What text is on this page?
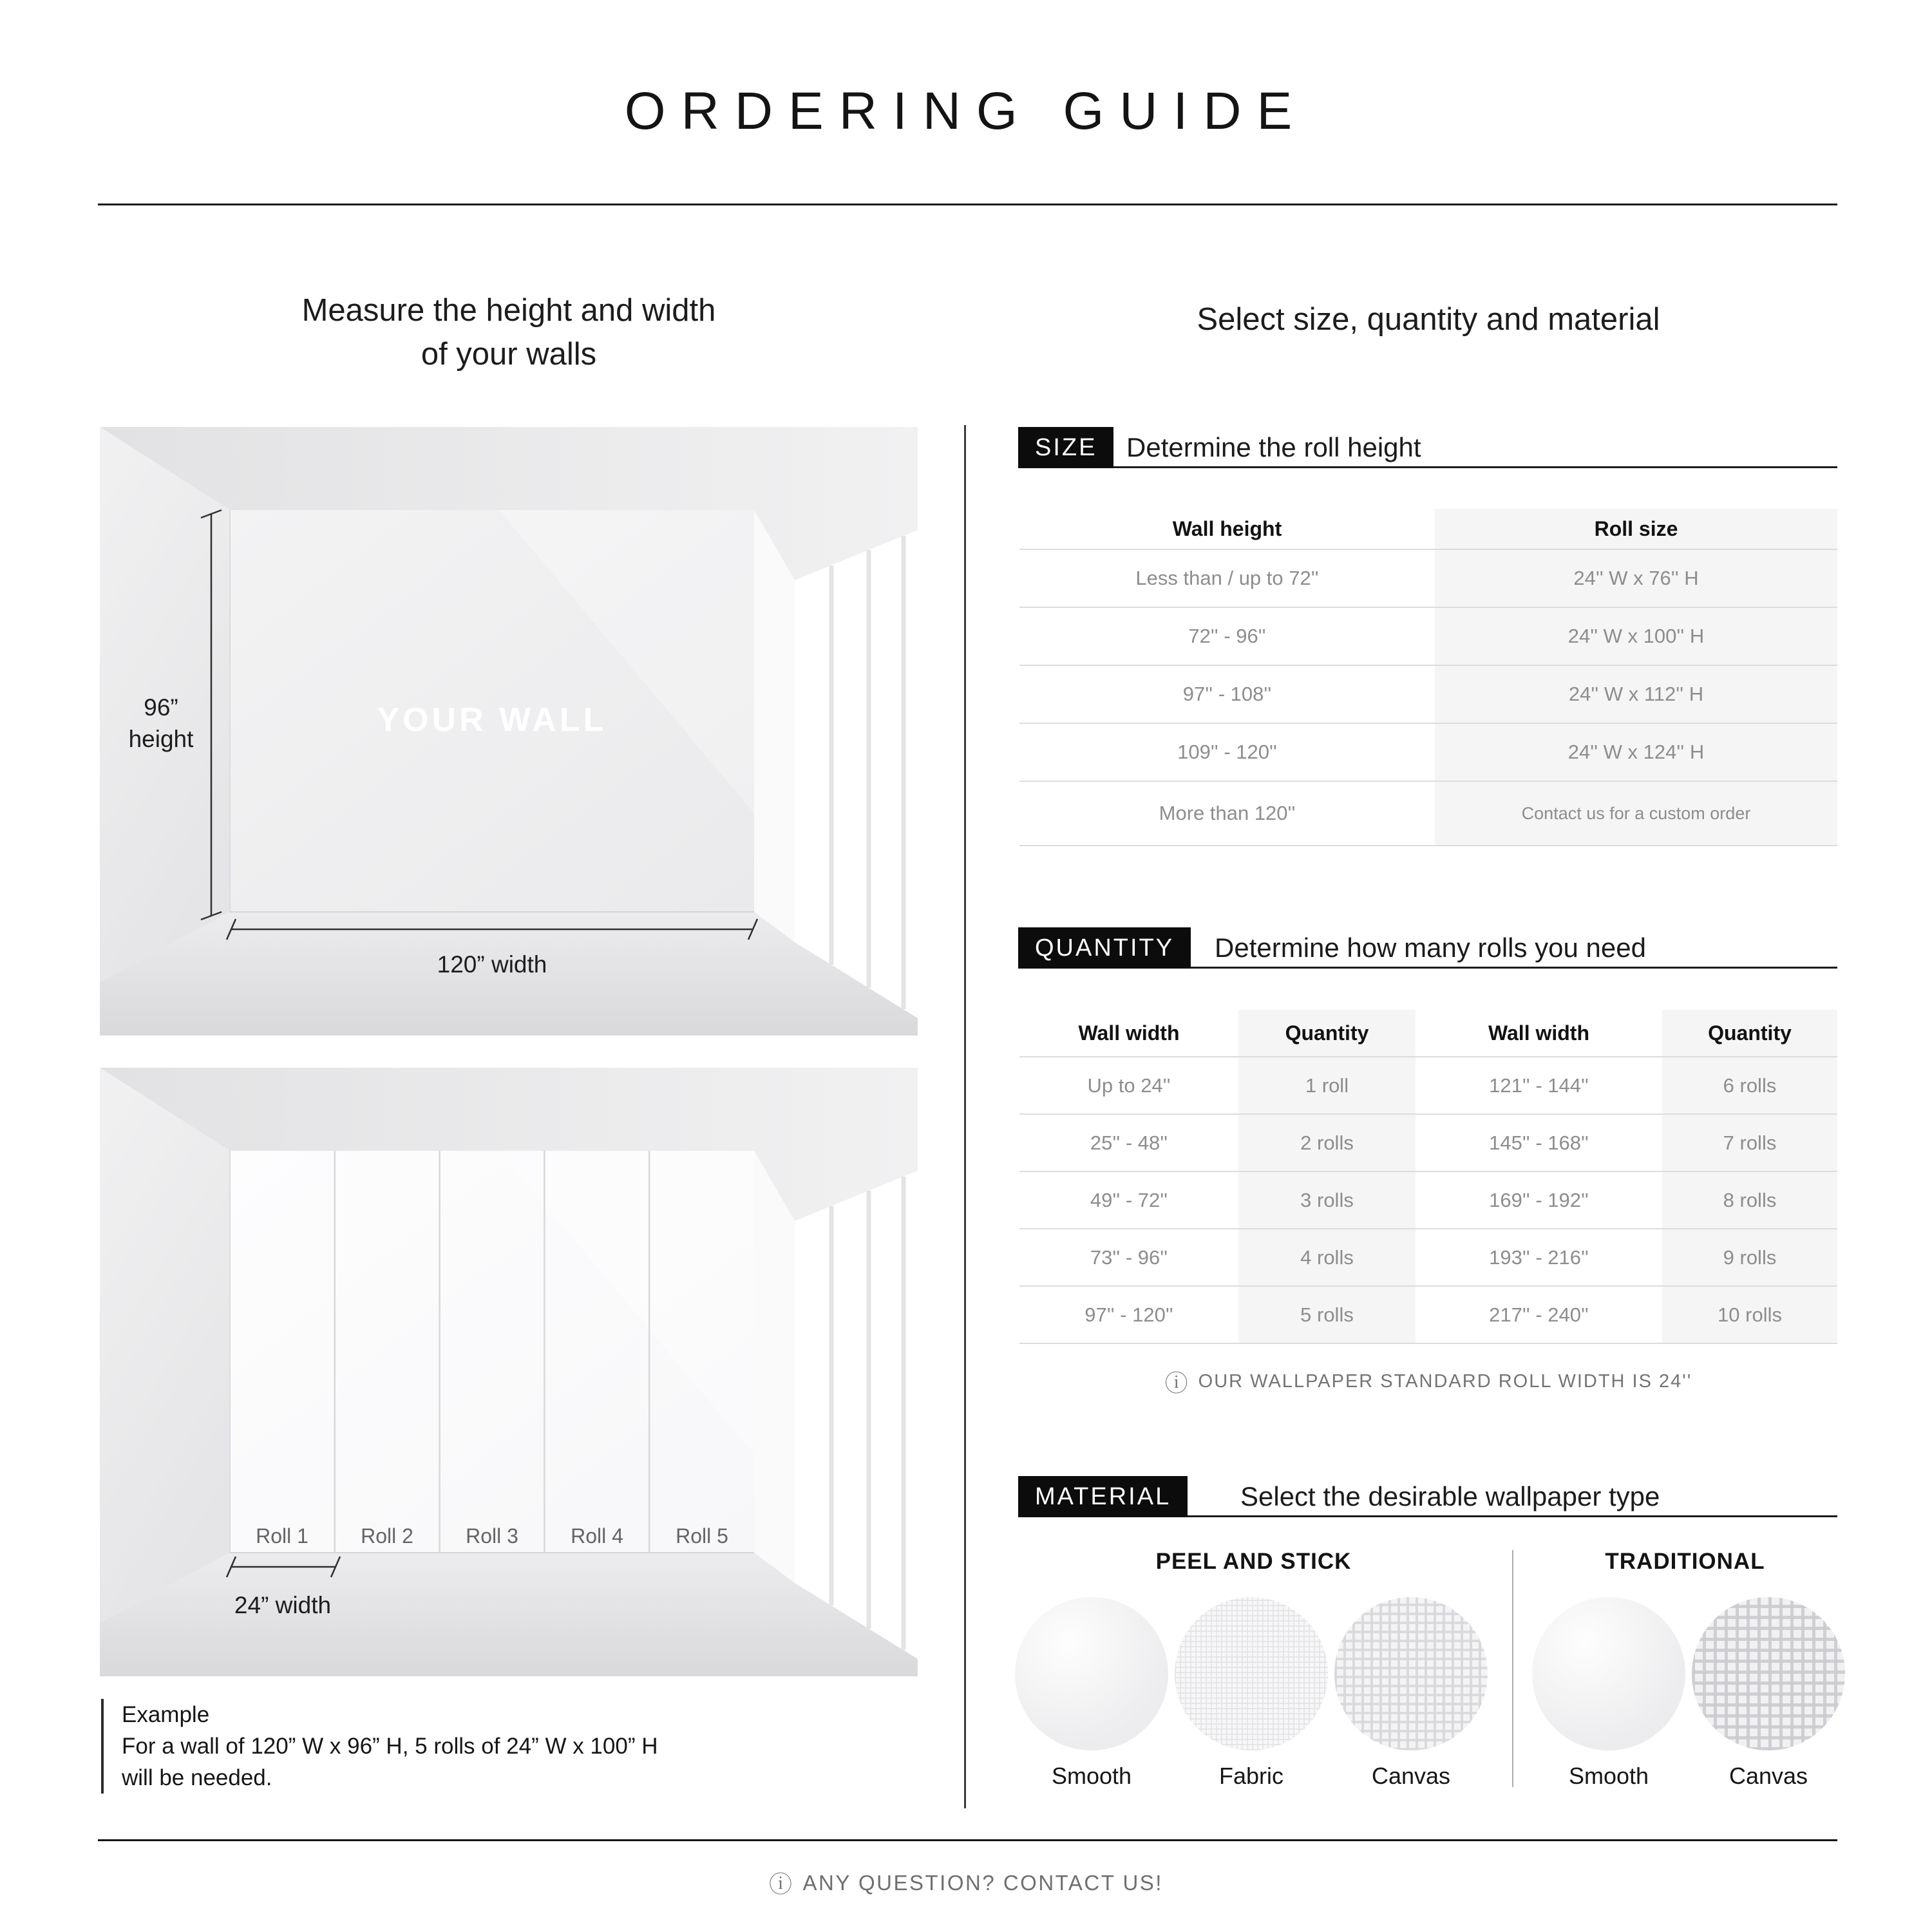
ORDERING GUIDE
Measure the height and width
of your walls
Select size, quantity and material
96”
height
YOUR WALL
120” width
Roll 1	Roll 2	Roll 3	Roll 4	Roll 5
24” width
Example
For a wall of 120” W x 96” H, 5 rolls of 24” W x 100” H
will be needed.
SIZE	Determine the roll height
Wall height	Roll size
Less than / up to 72''	24'' W x 76'' H
72'' - 96''	24'' W x 100'' H
97'' - 108''	24'' W x 112'' H
109'' - 120''	24'' W x 124'' H
More than 120''	Contact us for a custom order
QUANTITY	Determine how many rolls you need
Wall width	Quantity	Wall width	Quantity
Up to 24''	1 roll	121'' - 144''	6 rolls
25'' - 48''	2 rolls	145'' - 168''	7 rolls
49'' - 72''	3 rolls	169'' - 192''	8 rolls
73'' - 96''	4 rolls	193'' - 216''	9 rolls
97'' - 120''	5 rolls	217'' - 240''	10 rolls
ⓘ OUR WALLPAPER STANDARD ROLL WIDTH IS 24''
MATERIAL	Select the desirable wallpaper type
PEEL AND STICK	TRADITIONAL
Smooth	Fabric	Canvas	Smooth	Canvas
ⓘ ANY QUESTION? CONTACT US!
